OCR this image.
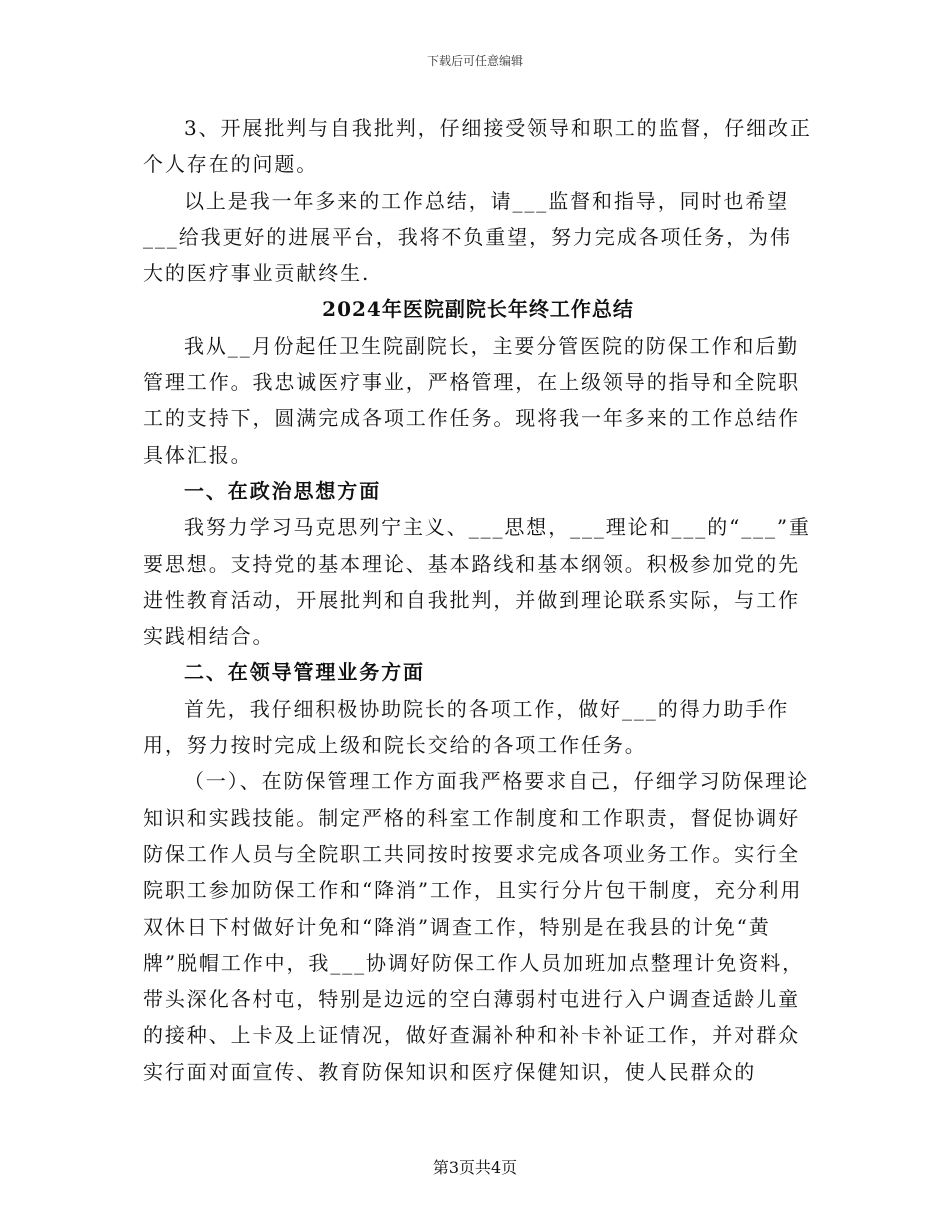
下载后可任意编辑

3、开展批判与自我批判，仔细接受领导和职工的监督，仔细改正个人存在的问题。

以上是我一年多来的工作总结，请___监督和指导，同时也希望___给我更好的进展平台，我将不负重望，努力完成各项任务，为伟大的医疗事业贡献终生.

2024年医院副院长年终工作总结

我从__月份起任卫生院副院长，主要分管医院的防保工作和后勤管理工作。我忠诚医疗事业，严格管理，在上级领导的指导和全院职工的支持下，圆满完成各项工作任务。现将我一年多来的工作总结作具体汇报。

一、在政治思想方面

我努力学习马克思列宁主义、___思想，___理论和___的“___”重要思想。支持党的基本理论、基本路线和基本纲领。积极参加党的先进性教育活动，开展批判和自我批判，并做到理论联系实际，与工作实践相结合。

二、在领导管理业务方面

首先，我仔细积极协助院长的各项工作，做好___的得力助手作用，努力按时完成上级和院长交给的各项工作任务。

（一）、在防保管理工作方面我严格要求自己，仔细学习防保理论知识和实践技能。制定严格的科室工作制度和工作职责，督促协调好防保工作人员与全院职工共同按时按要求完成各项业务工作。实行全院职工参加防保工作和“降消”工作，且实行分片包干制度，充分利用双休日下村做好计免和“降消”调查工作，特别是在我县的计免“黄牌”脱帽工作中，我___协调好防保工作人员加班加点整理计免资料，带头深化各村屯，特别是边远的空白薄弱村屯进行入户调查适龄儿童的接种、上卡及上证情况，做好查漏补种和补卡补证工作，并对群众实行面对面宣传、教育防保知识和医疗保健知识，使人民群众的

第3页共4页
